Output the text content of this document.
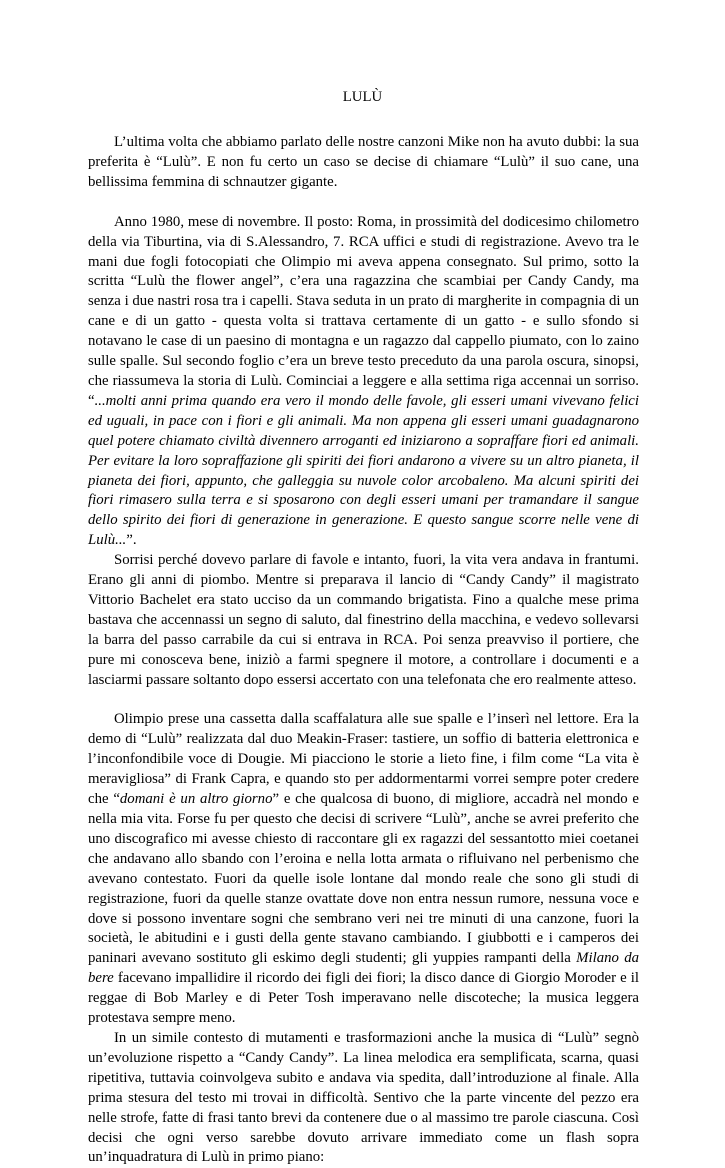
LULÙ

L’ultima volta che abbiamo parlato delle nostre canzoni Mike non ha avuto dubbi: la sua preferita è “Lulù”. E non fu certo un caso se decise di chiamare “Lulù” il suo cane, una bellissima femmina di schnautzer gigante.

Anno 1980, mese di novembre. Il posto: Roma, in prossimità del dodicesimo chilometro della via Tiburtina, via di S.Alessandro, 7. RCA uffici e studi di registrazione. Avevo tra le mani due fogli fotocopiati che Olimpio mi aveva appena consegnato. Sul primo, sotto la scritta “Lulù the flower angel”, c’era una ragazzina che scambiai per Candy Candy, ma senza i due nastri rosa tra i capelli. Stava seduta in un prato di margherite in compagnia di un cane e di un gatto - questa volta si trattava certamente di un gatto - e sullo sfondo si notavano le case di un paesino di montagna e un ragazzo dal cappello piumato, con lo zaino sulle spalle. Sul secondo foglio c’era un breve testo preceduto da una parola oscura, sinopsi, che riassumeva la storia di Lulù. Cominciai a leggere e alla settima riga accennai un sorriso. “...molti anni prima quando era vero il mondo delle favole, gli esseri umani vivevano felici ed uguali, in pace con i fiori e gli animali. Ma non appena gli esseri umani guadagnarono quel potere chiamato civiltà divennero arroganti ed iniziarono a sopraffare fiori ed animali. Per evitare la loro sopraffazione gli spiriti dei fiori andarono a vivere su un altro pianeta, il pianeta dei fiori, appunto, che galleggia su nuvole color arcobaleno. Ma alcuni spiriti dei fiori rimasero sulla terra e si sposarono con degli esseri umani per tramandare il sangue dello spirito dei fiori di generazione in generazione. E questo sangue scorre nelle vene di Lulù...”.

Sorrisi perché dovevo parlare di favole e intanto, fuori, la vita vera andava in frantumi. Erano gli anni di piombo. Mentre si preparava il lancio di “Candy Candy” il magistrato Vittorio Bachelet era stato ucciso da un commando brigatista. Fino a qualche mese prima bastava che accennassi un segno di saluto, dal finestrino della macchina, e vedevo sollevarsi la barra del passo carrabile da cui si entrava in RCA. Poi senza preavviso il portiere, che pure mi conosceva bene, iniziò a farmi spegnere il motore, a controllare i documenti e a lasciarmi passare soltanto dopo essersi accertato con una telefonata che ero realmente atteso.

Olimpio prese una cassetta dalla scaffalatura alle sue spalle e l’inserì nel lettore. Era la demo di “Lulù” realizzata dal duo Meakin-Fraser: tastiere, un soffio di batteria elettronica e l’inconfondibile voce di Dougie. Mi piacciono le storie a lieto fine, i film come “La vita è meravigliosa” di Frank Capra, e quando sto per addormentarmi vorrei sempre poter credere che “domani è un altro giorno” e che qualcosa di buono, di migliore, accadrà nel mondo e nella mia vita. Forse fu per questo che decisi di scrivere “Lulù”, anche se avrei preferito che uno discografico mi avesse chiesto di raccontare gli ex ragazzi del sessantotto miei coetanei che andavano allo sbando con l’eroina e nella lotta armata o rifluivano nel perbenismo che avevano contestato. Fuori da quelle isole lontane dal mondo reale che sono gli studi di registrazione, fuori da quelle stanze ovattate dove non entra nessun rumore, nessuna voce e dove si possono inventare sogni che sembrano veri nei tre minuti di una canzone, fuori la società, le abitudini e i gusti della gente stavano cambiando. I giubbotti e i camperos dei paninari avevano sostituto gli eskimo degli studenti; gli yuppies rampanti della Milano da bere facevano impallidire il ricordo dei figli dei fiori; la disco dance di Giorgio Moroder e il reggae di Bob Marley e di Peter Tosh imperavano nelle discoteche; la musica leggera protestava sempre meno.

In un simile contesto di mutamenti e trasformazioni anche la musica di “Lulù” segnò un’evoluzione rispetto a “Candy Candy”. La linea melodica era semplificata, scarna, quasi ripetitiva, tuttavia coinvolgeva subito e andava via spedita, dall’introduzione al finale. Alla prima stesura del testo mi trovai in difficoltà. Sentivo che la parte vincente del pezzo era nelle strofe, fatte di frasi tanto brevi da contenere due o al massimo tre parole ciascuna. Così decisi che ogni verso sarebbe dovuto arrivare immediato come un flash sopra un’inquadratura di Lulù in primo piano:
